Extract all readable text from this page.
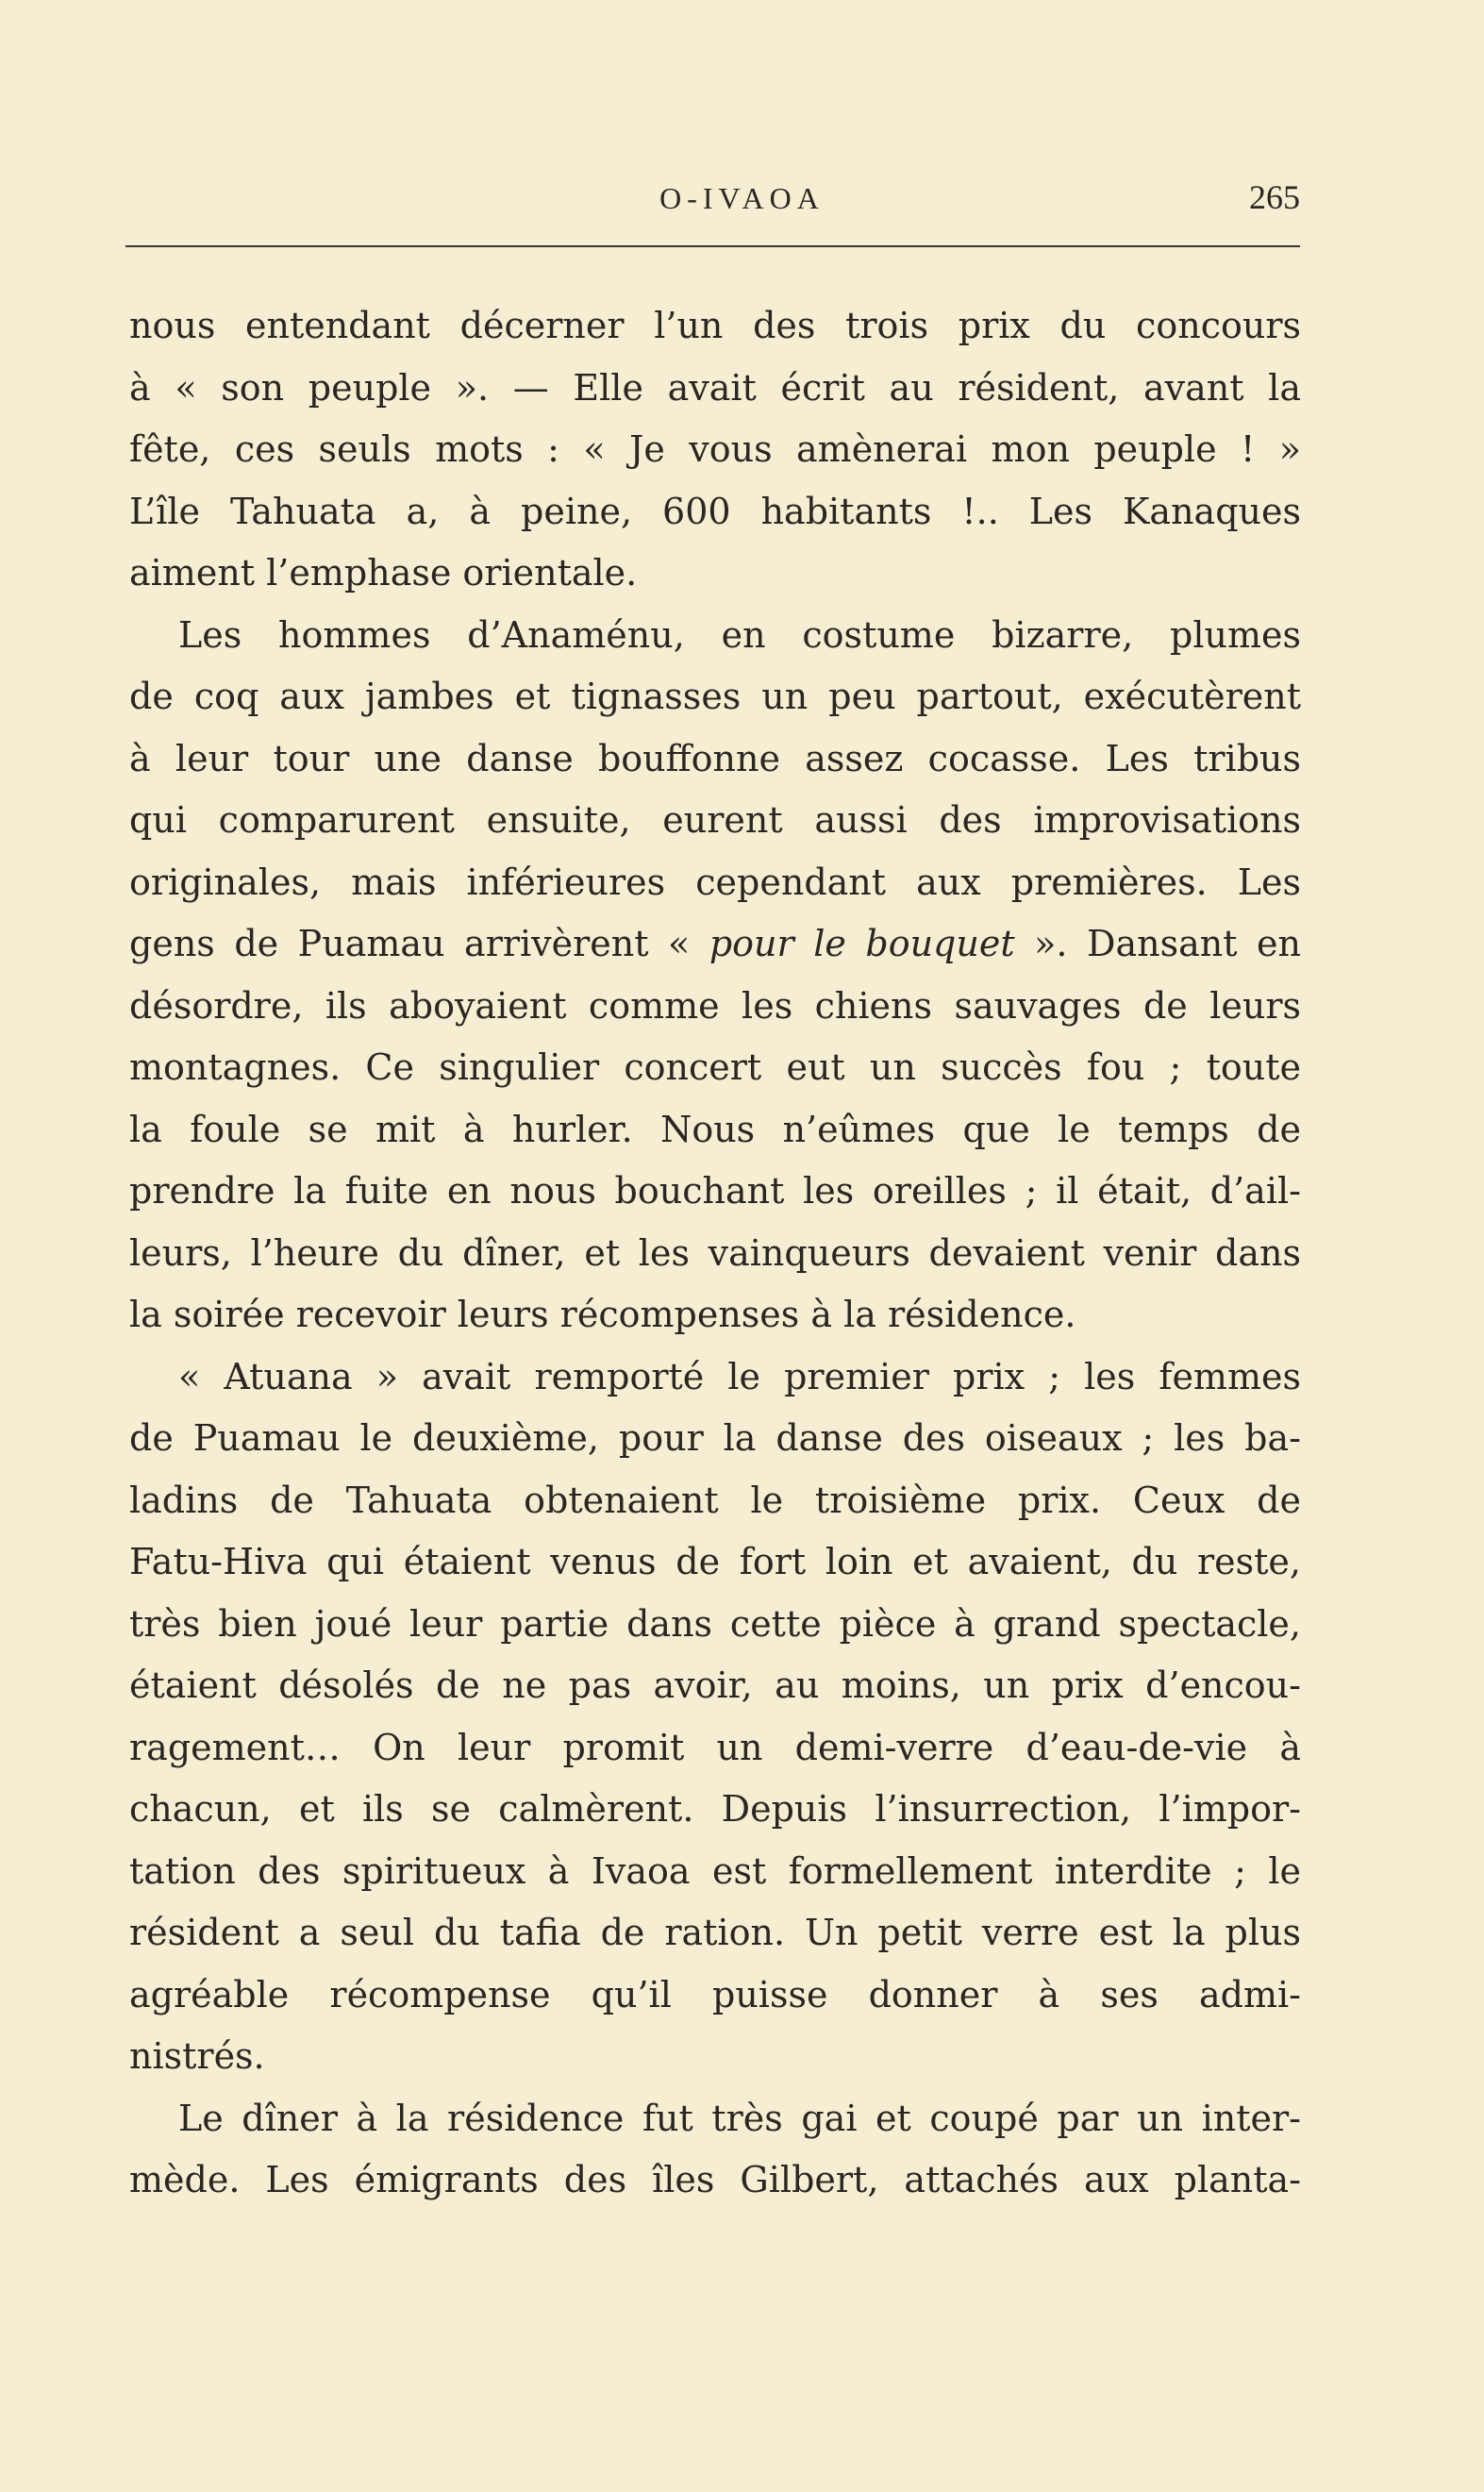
O-IVAOA	265
nous entendant décerner l’un des trois prix du concours
à « son peuple ». — Elle avait écrit au résident, avant la
fête, ces seuls mots : « Je vous amènerai mon peuple ! »
L’île Tahuata a, à peine, 600 habitants !.. Les Kanaques
aiment l’emphase orientale.
Les hommes d’Anaménu, en costume bizarre, plumes
de coq aux jambes et tignasses un peu partout, exécutèrent
à leur tour une danse bouffonne assez cocasse. Les tribus
qui comparurent ensuite, eurent aussi des improvisations
originales, mais inférieures cependant aux premières. Les
gens de Puamau arrivèrent « pour le bouquet ». Dansant en
désordre, ils aboyaient comme les chiens sauvages de leurs
montagnes. Ce singulier concert eut un succès fou ; toute
la foule se mit à hurler. Nous n’eûmes que le temps de
prendre la fuite en nous bouchant les oreilles ; il était, d’ail-
leurs, l’heure du dîner, et les vainqueurs devaient venir dans
la soirée recevoir leurs récompenses à la résidence.
« Atuana » avait remporté le premier prix ; les femmes
de Puamau le deuxième, pour la danse des oiseaux ; les ba-
ladins de Tahuata obtenaient le troisième prix. Ceux de
Fatu-Hiva qui étaient venus de fort loin et avaient, du reste,
très bien joué leur partie dans cette pièce à grand spectacle,
étaient désolés de ne pas avoir, au moins, un prix d’encou-
ragement… On leur promit un demi-verre d’eau-de-vie à
chacun, et ils se calmèrent. Depuis l’insurrection, l’impor-
tation des spiritueux à Ivaoa est formellement interdite ; le
résident a seul du tafia de ration. Un petit verre est la plus
agréable récompense qu’il puisse donner à ses admi-
nistrés.
Le dîner à la résidence fut très gai et coupé par un inter-
mède. Les émigrants des îles Gilbert, attachés aux planta-
